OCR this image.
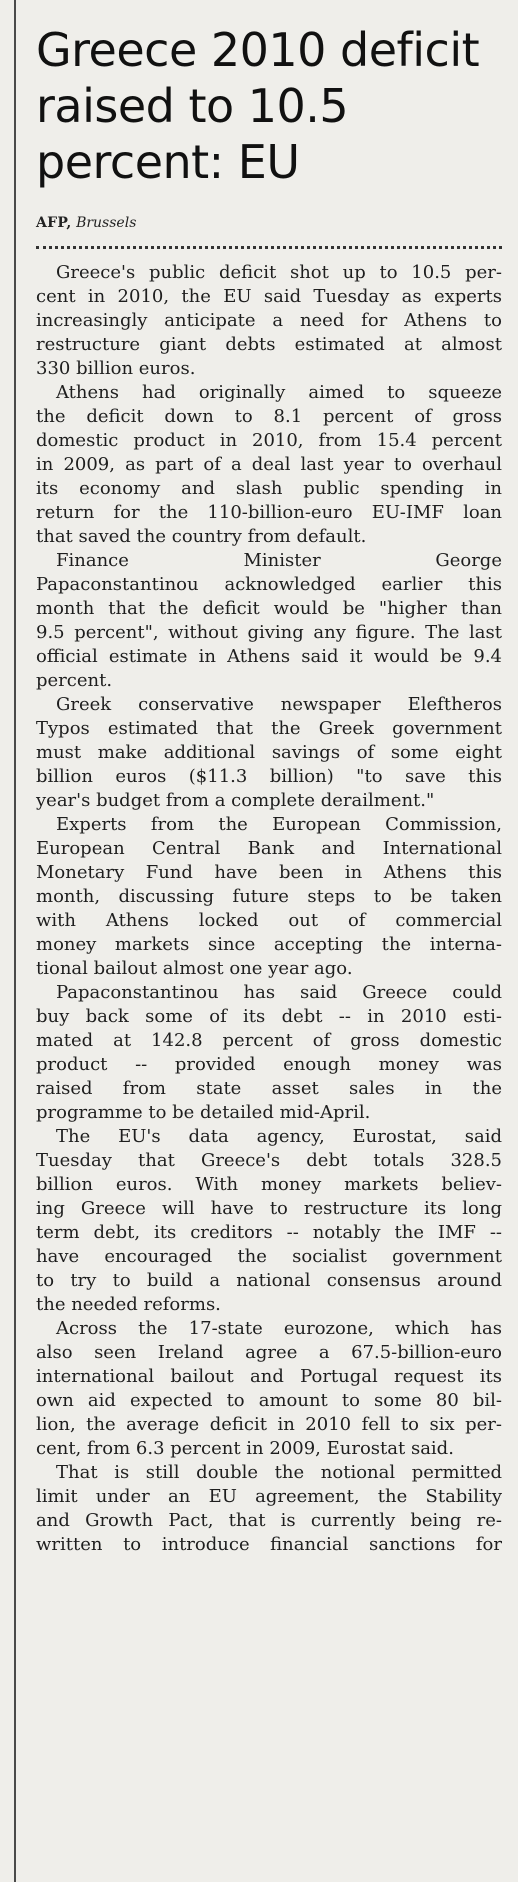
Greece 2010 deficit
raised to 10.5
percent: EU
AFP, Brussels
Greece's public deficit shot up to 10.5 per-
cent in 2010, the EU said Tuesday as experts
increasingly anticipate a need for Athens to
restructure giant debts estimated at almost
330 billion euros.
Athens had originally aimed to squeeze
the deficit down to 8.1 percent of gross
domestic product in 2010, from 15.4 percent
in 2009, as part of a deal last year to overhaul
its economy and slash public spending in
return for the 110-billion-euro EU-IMF loan
that saved the country from default.
Finance Minister George
Papaconstantinou acknowledged earlier this
month that the deficit would be "higher than
9.5 percent", without giving any figure. The last
official estimate in Athens said it would be 9.4
percent.
Greek conservative newspaper Eleftheros
Typos estimated that the Greek government
must make additional savings of some eight
billion euros ($11.3 billion) "to save this
year's budget from a complete derailment."
Experts from the European Commission,
European Central Bank and International
Monetary Fund have been in Athens this
month, discussing future steps to be taken
with Athens locked out of commercial
money markets since accepting the interna-
tional bailout almost one year ago.
Papaconstantinou has said Greece could
buy back some of its debt -- in 2010 esti-
mated at 142.8 percent of gross domestic
product -- provided enough money was
raised from state asset sales in the
programme to be detailed mid-April.
The EU's data agency, Eurostat, said
Tuesday that Greece's debt totals 328.5
billion euros. With money markets believ-
ing Greece will have to restructure its long
term debt, its creditors -- notably the IMF --
have encouraged the socialist government
to try to build a national consensus around
the needed reforms.
Across the 17-state eurozone, which has
also seen Ireland agree a 67.5-billion-euro
international bailout and Portugal request its
own aid expected to amount to some 80 bil-
lion, the average deficit in 2010 fell to six per-
cent, from 6.3 percent in 2009, Eurostat said.
That is still double the notional permitted
limit under an EU agreement, the Stability
and Growth Pact, that is currently being re-
written to introduce financial sanctions for
